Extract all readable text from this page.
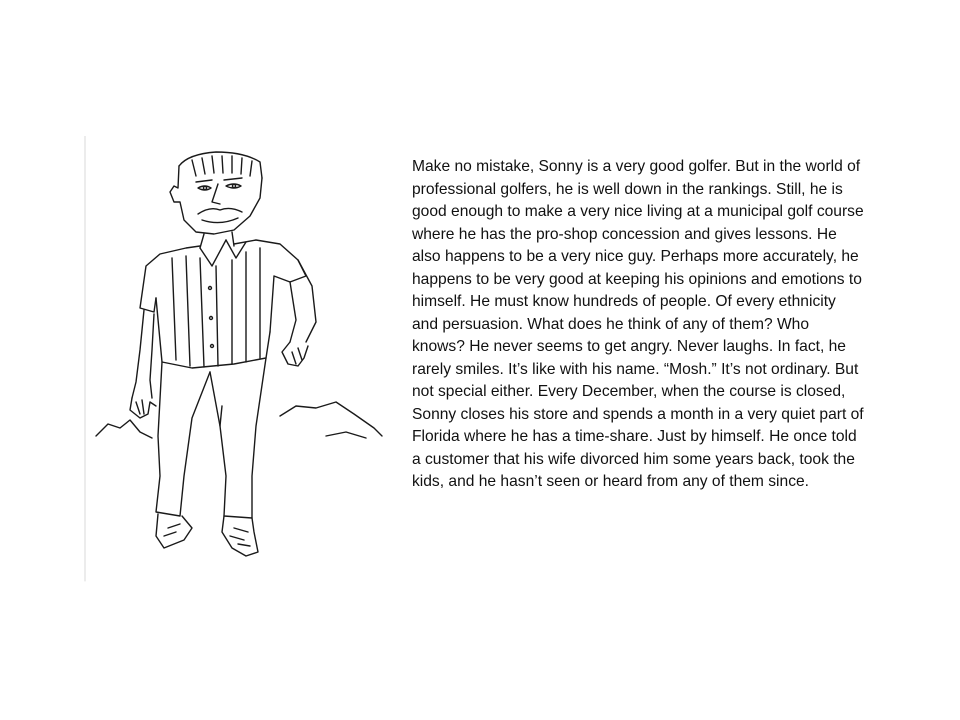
Make no mistake, Sonny is a very good golfer. But in the world of professional golfers, he is well down in the rankings. Still, he is good enough to make a very nice living at a municipal golf course where he has the pro-shop concession and gives lessons. He also happens to be a very nice guy. Perhaps more accurately, he happens to be very good at keeping his opinions and emotions to himself. He must know hundreds of people. Of every ethnicity and persuasion. What does he think of any of them? Who knows? He never seems to get angry. Never laughs. In fact, he rarely smiles. It’s like with his name. “Mosh.” It’s not ordinary. But not special either. Every December, when the course is closed, Sonny closes his store and spends a month in a very quiet part of Florida where he has a time-share. Just by himself. He once told a customer that his wife divorced him some years back, took the kids, and he hasn’t seen or heard from any of them since.
